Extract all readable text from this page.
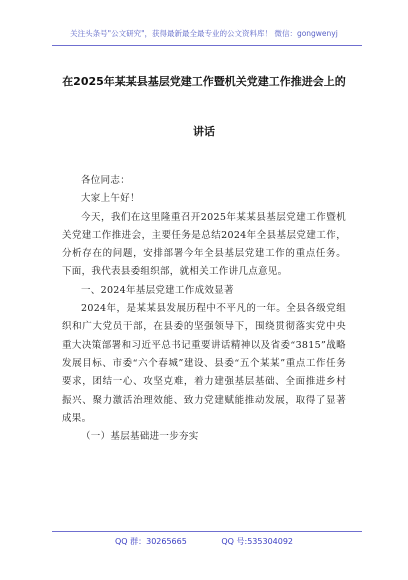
关注头条号"公文研究"，获得最新最全最专业的公文资料库！ 微信：gongwenyj
在2025年某某县基层党建工作暨机关党建工作推进会上的
讲话

各位同志：

大家上午好！

今天，我们在这里隆重召开2025年某某县基层党建工作暨机关党建工作推进会，主要任务是总结2024年全县基层党建工作，分析存在的问题，安排部署今年全县基层党建工作的重点任务。下面，我代表县委组织部，就相关工作讲几点意见。

一、2024年基层党建工作成效显著

2024年，是某某县发展历程中不平凡的一年。全县各级党组织和广大党员干部，在县委的坚强领导下，围绕贯彻落实党中央重大决策部署和习近平总书记重要讲话精神以及省委“3815”战略发展目标、市委“六个春城”建设、县委“五个某某”重点工作任务要求，团结一心、攻坚克难，着力建强基层基础、全面推进乡村振兴、聚力激活治理效能、致力党建赋能推动发展，取得了显著成果。

（一）基层基础进一步夯实

QQ 群：30265665	QQ 号:535304092
